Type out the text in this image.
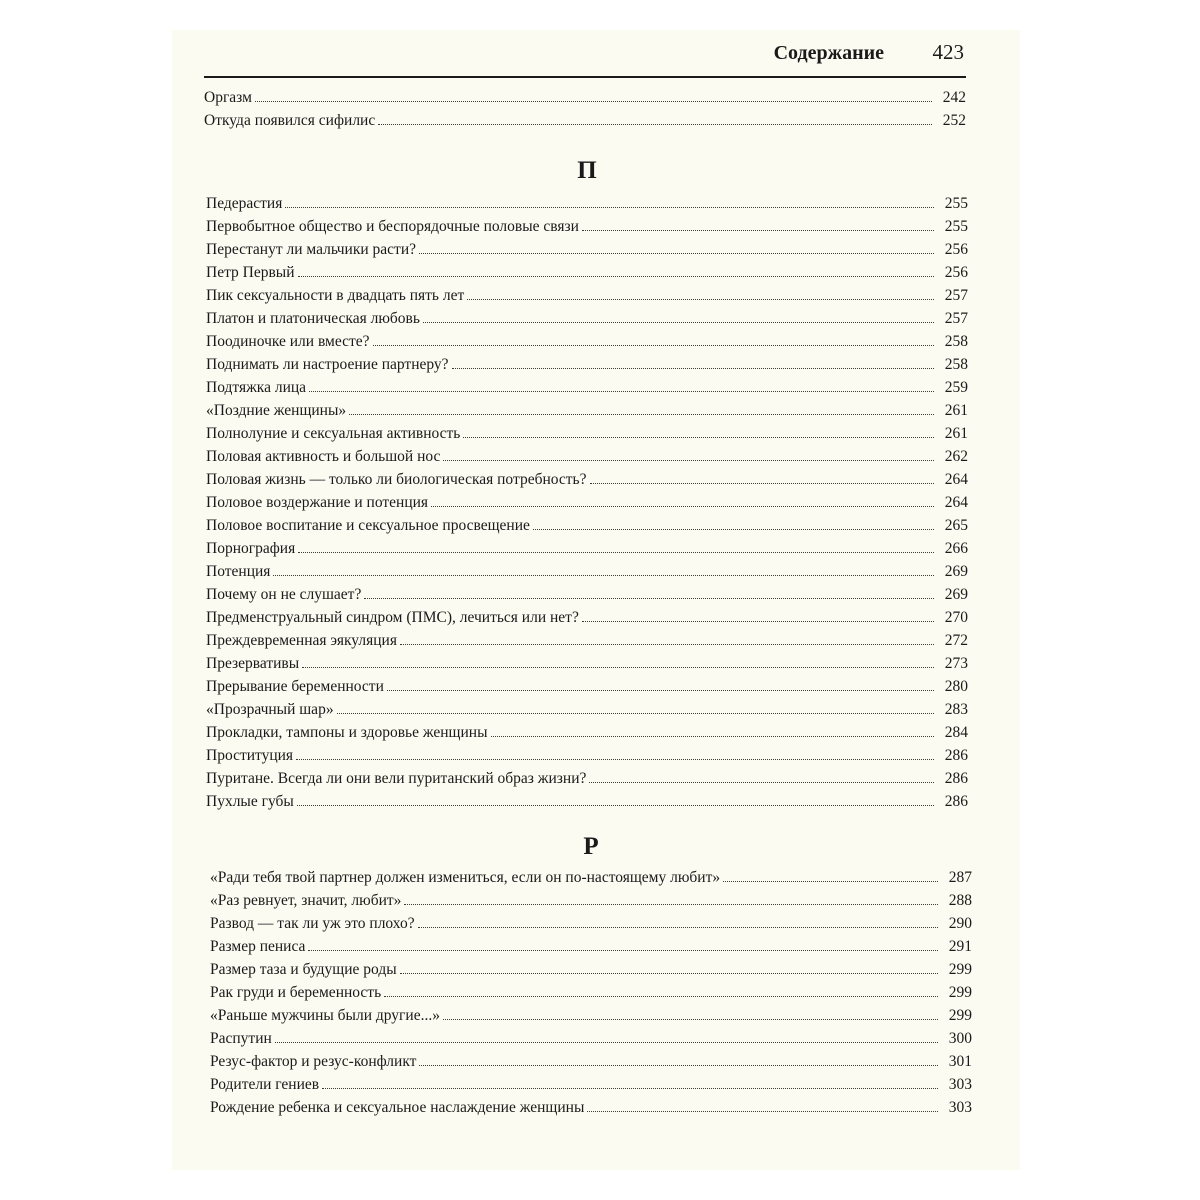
Содержание 423
Оргазм	242
Откуда появился сифилис	252
П
Педерастия	255
Первобытное общество и беспорядочные половые связи	255
Перестанут ли мальчики расти?	256
Петр Первый	256
Пик сексуальности в двадцать пять лет	257
Платон и платоническая любовь	257
Поодиночке или вместе?	258
Поднимать ли настроение партнеру?	258
Подтяжка лица	259
«Поздние женщины»	261
Полнолуние и сексуальная активность	261
Половая активность и большой нос	262
Половая жизнь — только ли биологическая потребность?	264
Половое воздержание и потенция	264
Половое воспитание и сексуальное просвещение	265
Порнография	266
Потенция	269
Почему он не слушает?	269
Предменструальный синдром (ПМС), лечиться или нет?	270
Преждевременная эякуляция	272
Презервативы	273
Прерывание беременности	280
«Прозрачный шар»	283
Прокладки, тампоны и здоровье женщины	284
Проституция	286
Пуритане. Всегда ли они вели пуританский образ жизни?	286
Пухлые губы	286
Р
«Ради тебя твой партнер должен измениться, если он по-настоящему любит»	287
«Раз ревнует, значит, любит»	288
Развод — так ли уж это плохо?	290
Размер пениса	291
Размер таза и будущие роды	299
Рак груди и беременность	299
«Раньше мужчины были другие...»	299
Распутин	300
Резус-фактор и резус-конфликт	301
Родители гениев	303
Рождение ребенка и сексуальное наслаждение женщины	303
